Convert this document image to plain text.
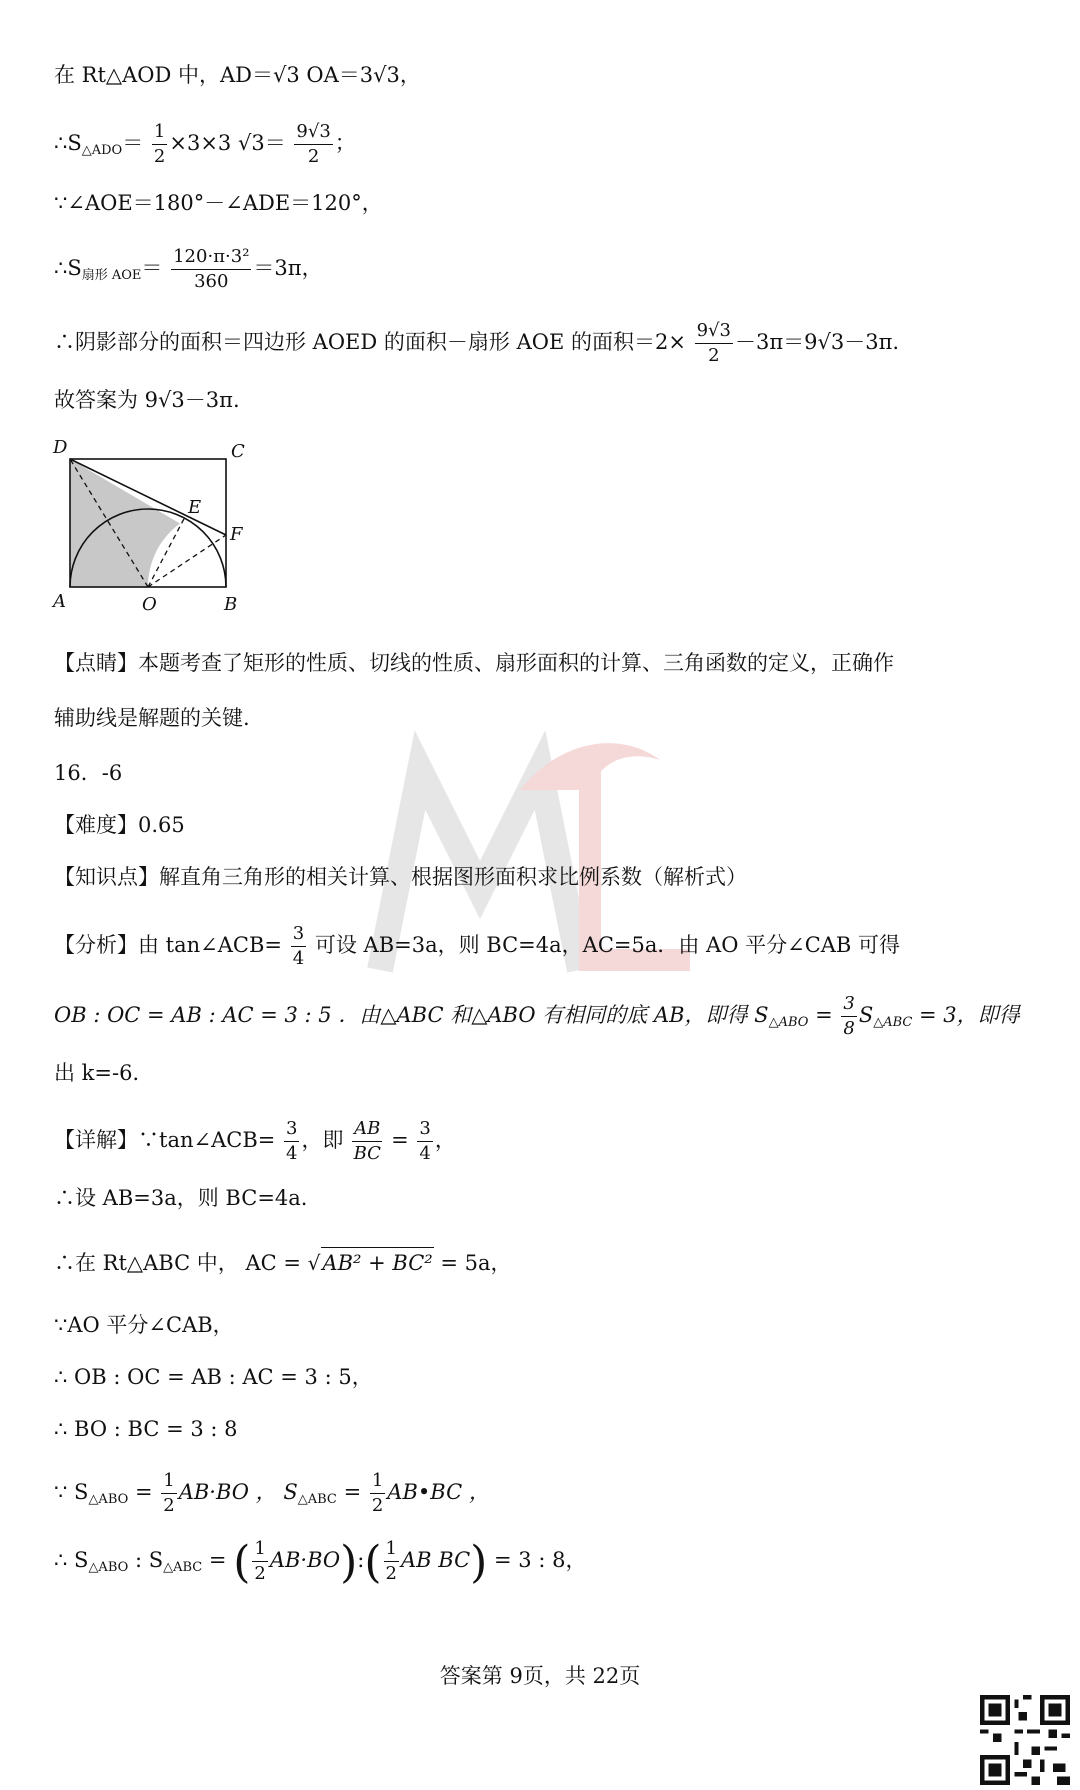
在 Rt△AOD 中，AD＝√3 OA＝3√3，
$\therefore S_{\triangle ADO}= \frac{1}{2} \times 3\times 3$ $√3= \frac{9√3}{2}$ ；
∵∠AOE＝180°－∠ADE＝120°，
$\therefore S_{扇形 AOE}= \frac{\text{120·π·3²}}{360} =3\pi$，
∴阴影部分的面积＝四边形 AOED 的面积－扇形 AOE 的面积$=2\times \frac{9√3}{2} -3\pi=9√3-3\pi$.
故答案为 9√3－3π.
D	C
E
F
A	O	B
【点睛】本题考查了矩形的性质、切线的性质、扇形面积的计算、三角函数的定义，正确作
辅助线是解题的关键.
16．-6
【难度】0.65
【知识点】解直角三角形的相关计算、根据图形面积求比例系数（解析式）
【分析】由 tan∠ACB= $\frac{3}{4}$ 可设 AB=3a，则 BC=4a，AC=5a．由 AO 平分∠CAB 可得
OB : OC = AB : AC = 3 : 5 ．由△ABC 和△ABO 有相同的底 AB，即得 $S_{\triangle ABO} = \frac{3}{8} S_{\triangle ABC} = 3$，即得
出 k=-6．
【详解】∵tan∠ACB= $\frac{3}{4}$ ，即 $\frac{AB}{BC} = \frac{3}{4}$ ，
∴设 AB=3a，则 BC=4a.
∴在 Rt△ABC 中， AC = √AB² + BC² = 5a，
∵AO 平分∠CAB，
∴ OB : OC = AB : AC = 3 : 5，
∴ BO : BC = 3 : 8
∵ $S_{\triangle ABO} = \frac{1}{2} AB\cdot BO$ ， $S_{\triangle ABC} = \frac{1}{2}$ AB•BC ，
∴ $S_{\triangle ABO}$ : $S_{\triangle ABC}$ = ( $\frac{1}{2}$ AB·BO):( $\frac{1}{2}$ AB BC) = 3 : 8，
答案第 9页，共 22页
